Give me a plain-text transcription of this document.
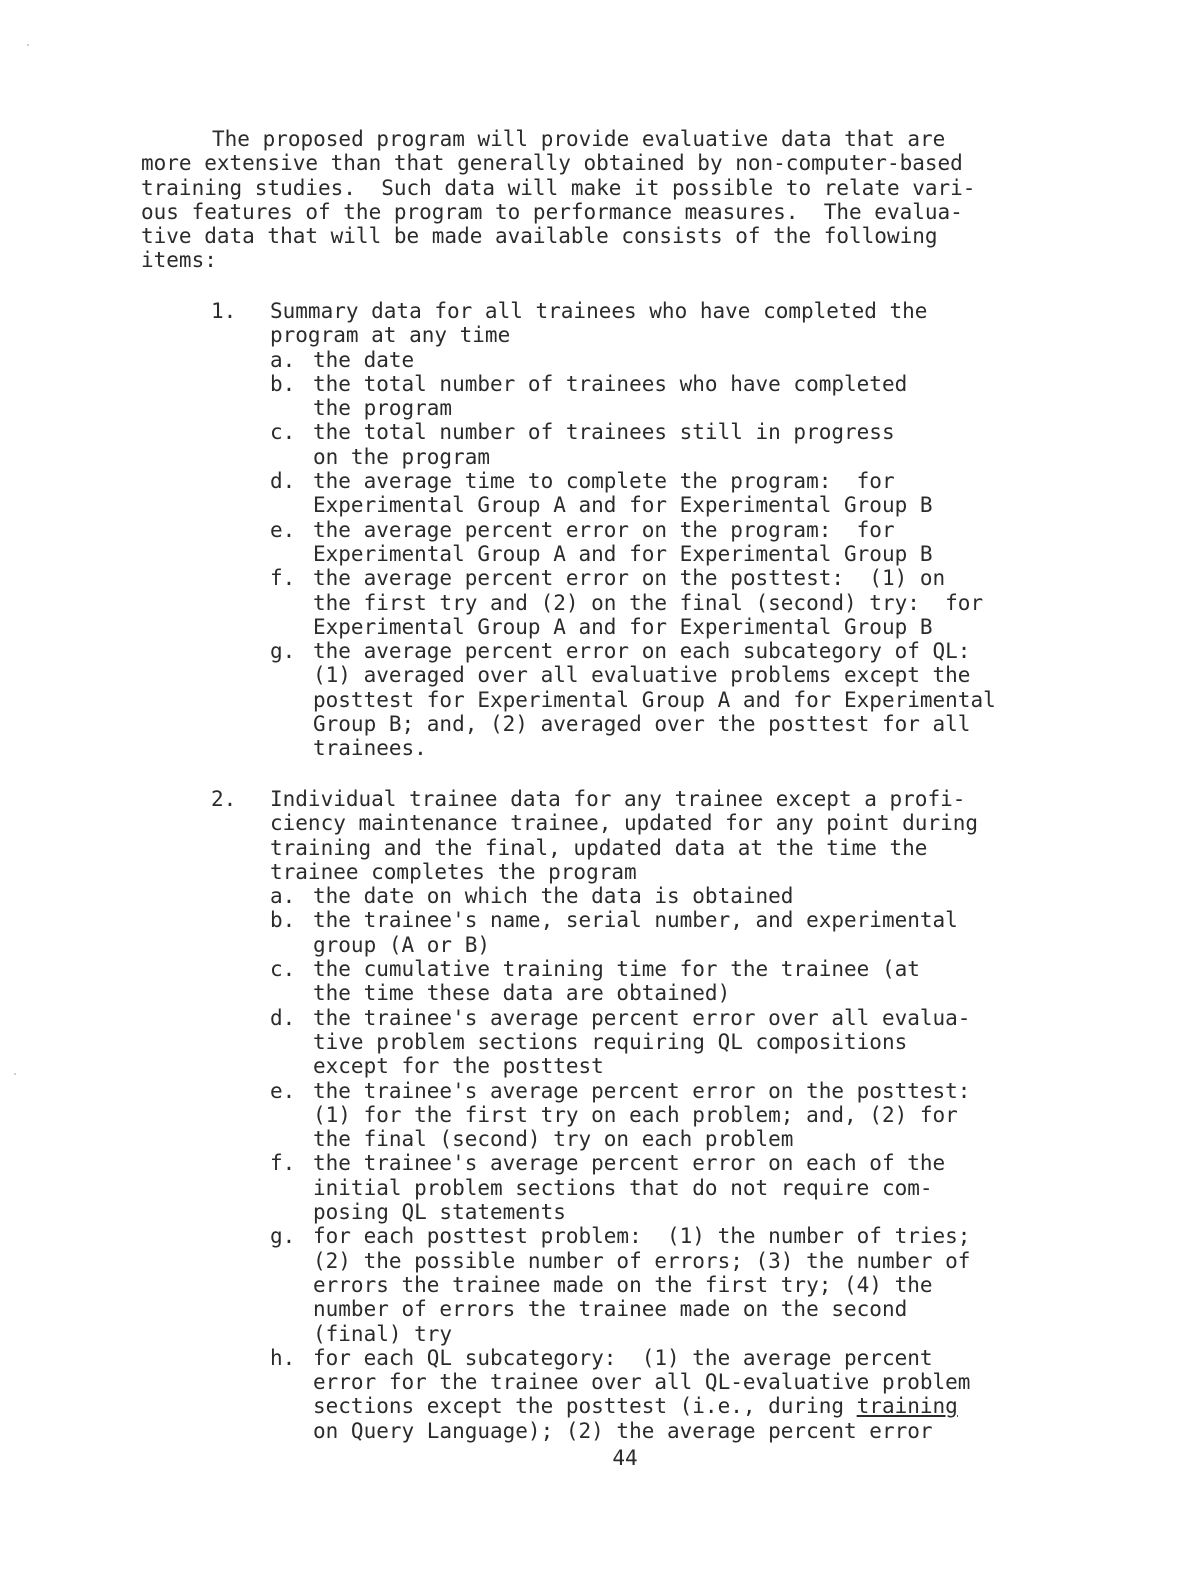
The proposed program will provide evaluative data that are
more extensive than that generally obtained by non-computer-based
training studies.  Such data will make it possible to relate vari-
ous features of the program to performance measures.  The evalua-
tive data that will be made available consists of the following
items:
1. Summary data for all trainees who have completed the
program at any time
a. the date
b. the total number of trainees who have completed
the program
c. the total number of trainees still in progress
on the program
d. the average time to complete the program:  for
Experimental Group A and for Experimental Group B
e. the average percent error on the program:  for
Experimental Group A and for Experimental Group B
f. the average percent error on the posttest:  (1) on
the first try and (2) on the final (second) try:  for
Experimental Group A and for Experimental Group B
g. the average percent error on each subcategory of QL:
(1) averaged over all evaluative problems except the
posttest for Experimental Group A and for Experimental
Group B; and, (2) averaged over the posttest for all
trainees.
2. Individual trainee data for any trainee except a profi-
ciency maintenance trainee, updated for any point during
training and the final, updated data at the time the
trainee completes the program
a. the date on which the data is obtained
b. the trainee's name, serial number, and experimental
group (A or B)
c. the cumulative training time for the trainee (at
the time these data are obtained)
d. the trainee's average percent error over all evalua-
tive problem sections requiring QL compositions
except for the posttest
e. the trainee's average percent error on the posttest:
(1) for the first try on each problem; and, (2) for
the final (second) try on each problem
f. the trainee's average percent error on each of the
initial problem sections that do not require com-
posing QL statements
g. for each posttest problem:  (1) the number of tries;
(2) the possible number of errors; (3) the number of
errors the trainee made on the first try; (4) the
number of errors the trainee made on the second
(final) try
h. for each QL subcategory:  (1) the average percent
error for the trainee over all QL-evaluative problem
sections except the posttest (i.e., during training
on Query Language); (2) the average percent error
44
